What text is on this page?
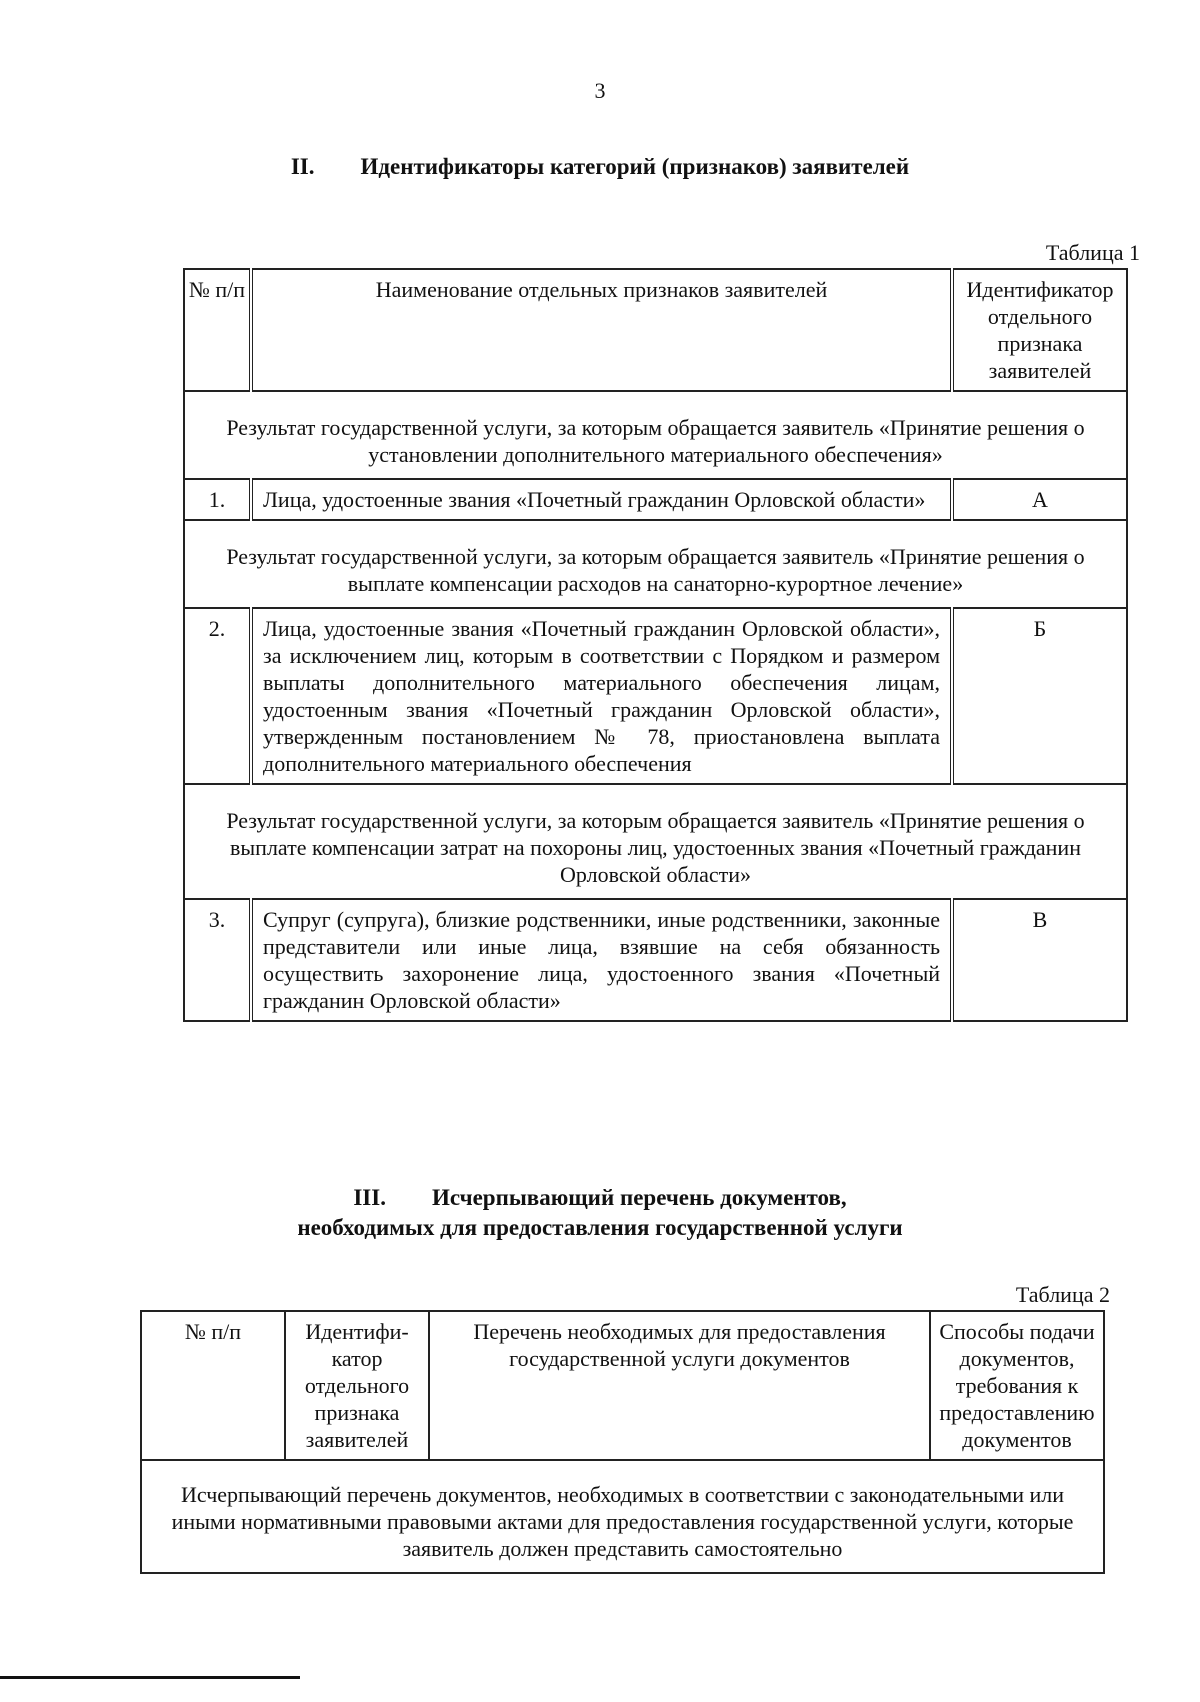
3
II. Идентификаторы категорий (признаков) заявителей
Таблица 1
№ п/п	Наименование отдельных признаков заявителей	Идентификатор отдельного признака заявителей
Результат государственной услуги, за которым обращается заявитель «Принятие решения о установлении дополнительного материального обеспечения»		
1.	Лица, удостоенные звания «Почетный гражданин Орловской области»	А
Результат государственной услуги, за которым обращается заявитель «Принятие решения о выплате компенсации расходов на санаторно-курортное лечение»		
2.	Лица, удостоенные звания «Почетный гражданин Орловской области», за исключением лиц, которым в соответствии с Порядком и размером выплаты дополнительного материального обеспечения лицам, удостоенным звания «Почетный гражданин Орловской области», утвержденным постановлением № 78, приостановлена выплата дополнительного материального обеспечения	Б
Результат государственной услуги, за которым обращается заявитель «Принятие решения о выплате компенсации затрат на похороны лиц, удостоенных звания «Почетный гражданин Орловской области»		
3.	Супруг (супруга), близкие родственники, иные родственники, законные представители или иные лица, взявшие на себя обязанность осуществить захоронение лица, удостоенного звания «Почетный гражданин Орловской области»	В
III. Исчерпывающий перечень документов,
необходимых для предоставления государственной услуги
Таблица 2
№ п/п	Идентифи-катор отдельного признака заявителей	Перечень необходимых для предоставления государственной услуги документов	Способы подачи документов, требования к предоставлению документов
Исчерпывающий перечень документов, необходимых в соответствии с законодательными или иными нормативными правовыми актами для предоставления государственной услуги, которые заявитель должен представить самостоятельно
